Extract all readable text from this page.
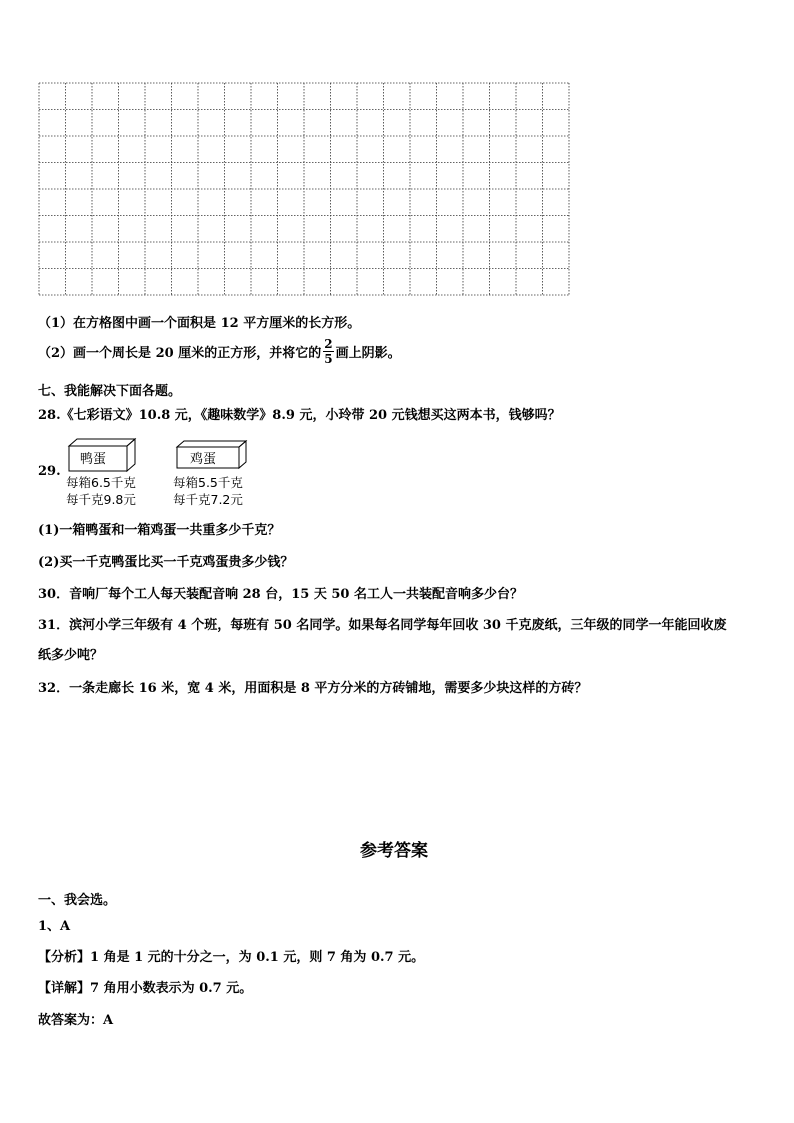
（1）在方格图中画一个面积是 12 平方厘米的长方形。
（2）画一个周长是 20 厘米的正方形，并将它的 $\frac{2}{5}$ 画上阴影。
七、我能解决下面各题。
28.《七彩语文》10.8 元，《趣味数学》8.9 元，小玲带 20 元钱想买这两本书，钱够吗？
29.
鸭蛋
每箱6.5千克
每千克9.8元
鸡蛋
每箱5.5千克
每千克7.2元
(1)一箱鸭蛋和一箱鸡蛋一共重多少千克？
(2)买一千克鸭蛋比买一千克鸡蛋贵多少钱？
30．音响厂每个工人每天装配音响 28 台，15 天 50 名工人一共装配音响多少台？
31．滨河小学三年级有 4 个班，每班有 50 名同学。如果每名同学每年回收 30 千克废纸，三年级的同学一年能回收废
纸多少吨？
32．一条走廊长 16 米，宽 4 米，用面积是 8 平方分米的方砖铺地，需要多少块这样的方砖？
参考答案
一、我会选。
1、A
【分析】1 角是 1 元的十分之一，为 0.1 元，则 7 角为 0.7 元。
【详解】7 角用小数表示为 0.7 元。
故答案为：A
